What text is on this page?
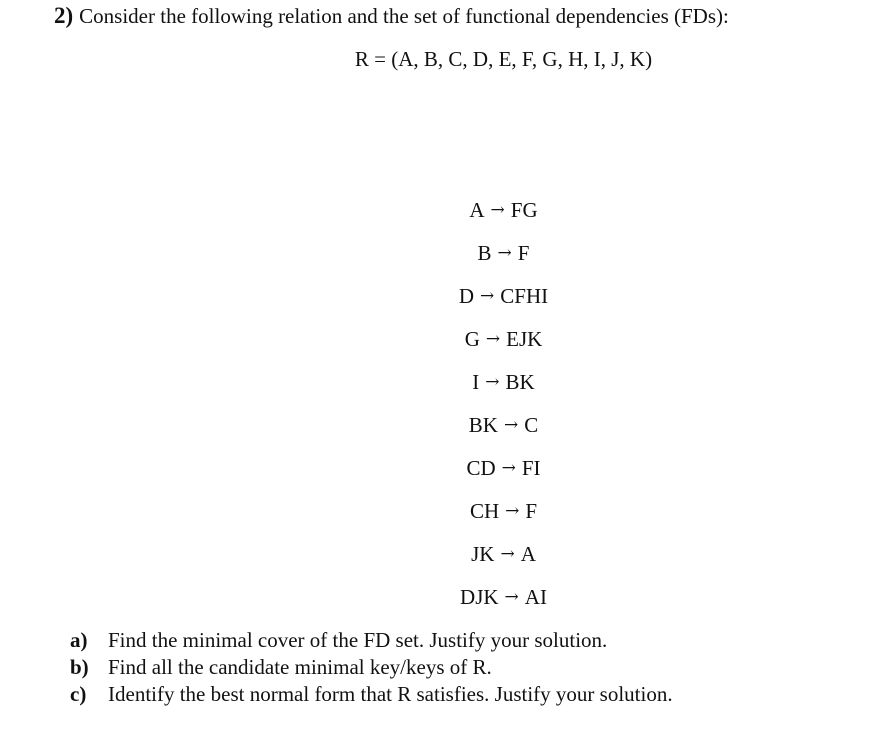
2) Consider the following relation and the set of functional dependencies (FDs):
R = (A, B, C, D, E, F, G, H, I, J, K)
A → FG
B → F
D → CFHI
G → EJK
I → BK
BK → C
CD → FI
CH → F
JK → A
DJK → AI
a) Find the minimal cover of the FD set. Justify your solution.
b) Find all the candidate minimal key/keys of R.
c) Identify the best normal form that R satisfies. Justify your solution.
